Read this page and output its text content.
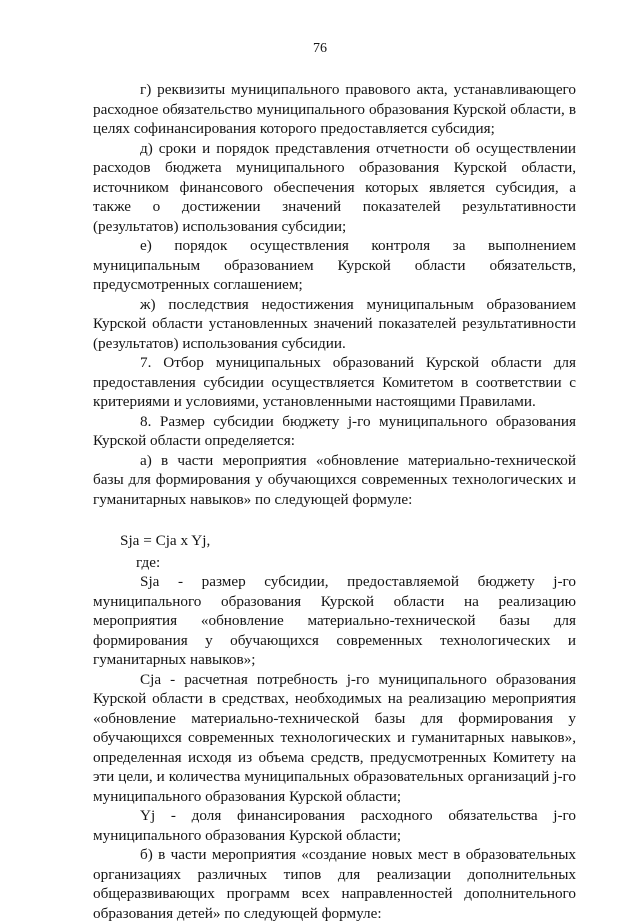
76

г) реквизиты муниципального правового акта, устанавливающего расходное обязательство муниципального образования Курской области, в целях софинансирования которого предоставляется субсидия;

д) сроки и порядок представления отчетности об осуществлении расходов бюджета муниципального образования Курской области, источником финансового обеспечения которых является субсидия, а также о достижении значений показателей результативности (результатов) использования субсидии;

е) порядок осуществления контроля за выполнением муниципальным образованием Курской области обязательств, предусмотренных соглашением;

ж) последствия недостижения муниципальным образованием Курской области установленных значений показателей результативности (результатов) использования субсидии.

7. Отбор муниципальных образований Курской области для предоставления субсидии осуществляется Комитетом в соответствии с критериями и условиями, установленными настоящими Правилами.

8. Размер субсидии бюджету j-го муниципального образования Курской области определяется:

а) в части мероприятия «обновление материально-технической базы для формирования у обучающихся современных технологических и гуманитарных навыков» по следующей формуле:

Sja = Cja x Yj,

где:

Sja - размер субсидии, предоставляемой бюджету j-го муниципального образования Курской области на реализацию мероприятия «обновление материально-технической базы для формирования у обучающихся современных технологических и гуманитарных навыков»;

Cja - расчетная потребность j-го муниципального образования Курской области в средствах, необходимых на реализацию мероприятия «обновление материально-технической базы для формирования у обучающихся современных технологических и гуманитарных навыков», определенная исходя из объема средств, предусмотренных Комитету на эти цели, и количества муниципальных образовательных организаций j-го муниципального образования Курской области;

Yj - доля финансирования расходного обязательства j-го муниципального образования Курской области;

б) в части мероприятия «создание новых мест в образовательных организациях различных типов для реализации дополнительных общеразвивающих программ всех направленностей дополнительного образования детей» по следующей формуле:
